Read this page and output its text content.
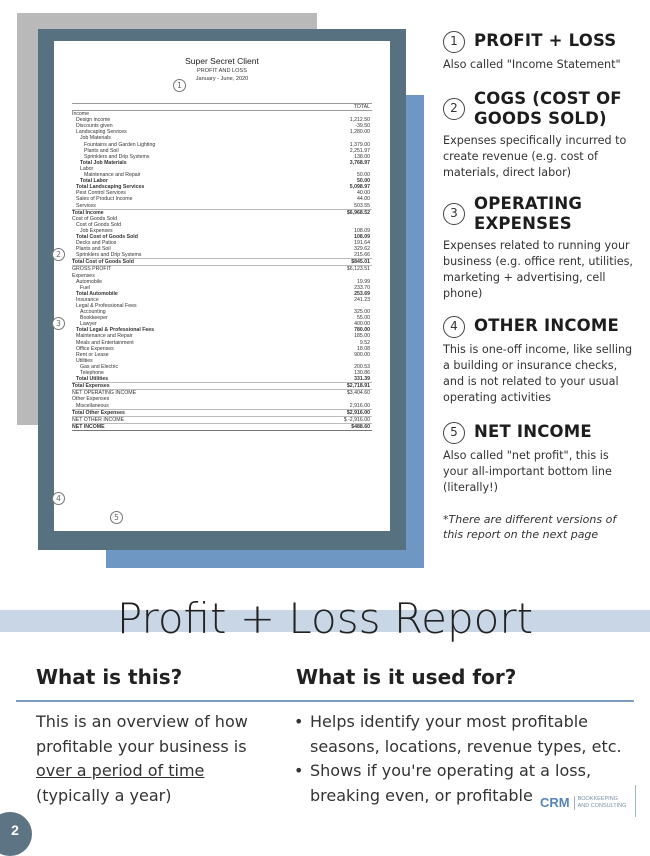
Super Secret Client
PROFIT AND LOSS
January - June, 2020
TOTAL
Income
Design income	1,212.50
Discounts given	-39.50
Landscaping Services	1,280.00
Job Materials
Fountains and Garden Lighting	1,379.00
Plants and Soil	2,251.97
Sprinklers and Drip Systems	138.00
Total Job Materials	3,768.97
Labor
Maintenance and Repair	50.00
Total Labor	50.00
Total Landscaping Services	5,098.97
Pest Control Services	40.00
Sales of Product Income	44.00
Services	503.55
Total Income	$6,968.52
Cost of Goods Sold
Cost of Goods Sold
Job Expenses	108.09
Total Cost of Goods Sold	108.09
Decks and Patios	191.64
Plants and Soil	329.62
Sprinklers and Drip Systems	215.66
Total Cost of Goods Sold	$845.01
GROSS PROFIT	$6,123.51
Expenses
Automobile	19.99
Fuel	233.70
Total Automobile	253.69
Insurance	241.23
Legal & Professional Fees
Accounting	325.00
Bookkeeper	55.00
Lawyer	400.00
Total Legal & Professional Fees	780.00
Maintenance and Repair	185.00
Meals and Entertainment	9.52
Office Expenses	18.08
Rent or Lease	900.00
Utilities
Gas and Electric	200.53
Telephone	130.86
Total Utilities	331.39
Total Expenses	$2,718.91
NET OPERATING INCOME	$3,404.60
Other Expenses
Miscellaneous	2,916.00
Total Other Expenses	$2,916.00
NET OTHER INCOME	$ -2,916.00
NET INCOME	$488.60
1
2
3
4
5
1 PROFIT + LOSS
Also called "Income Statement"
2 COGS (COST OF GOODS SOLD)
Expenses specifically incurred to create revenue (e.g. cost of materials, direct labor)
3 OPERATING EXPENSES
Expenses related to running your business (e.g. office rent, utilities, marketing + advertising, cell phone)
4 OTHER INCOME
This is one-off income, like selling a building or insurance checks, and is not related to your usual operating activities
5 NET INCOME
Also called "net profit", this is your all-important bottom line (literally!)
*There are different versions of this report on the next page
Profit + Loss Report
What is this?	What is it used for?
This is an overview of how profitable your business is over a period of time (typically a year)
• Helps identify your most profitable seasons, locations, revenue types, etc.
• Shows if you're operating at a loss, breaking even, or profitable
2
CRM	BOOKKEEPING
AND CONSULTING
